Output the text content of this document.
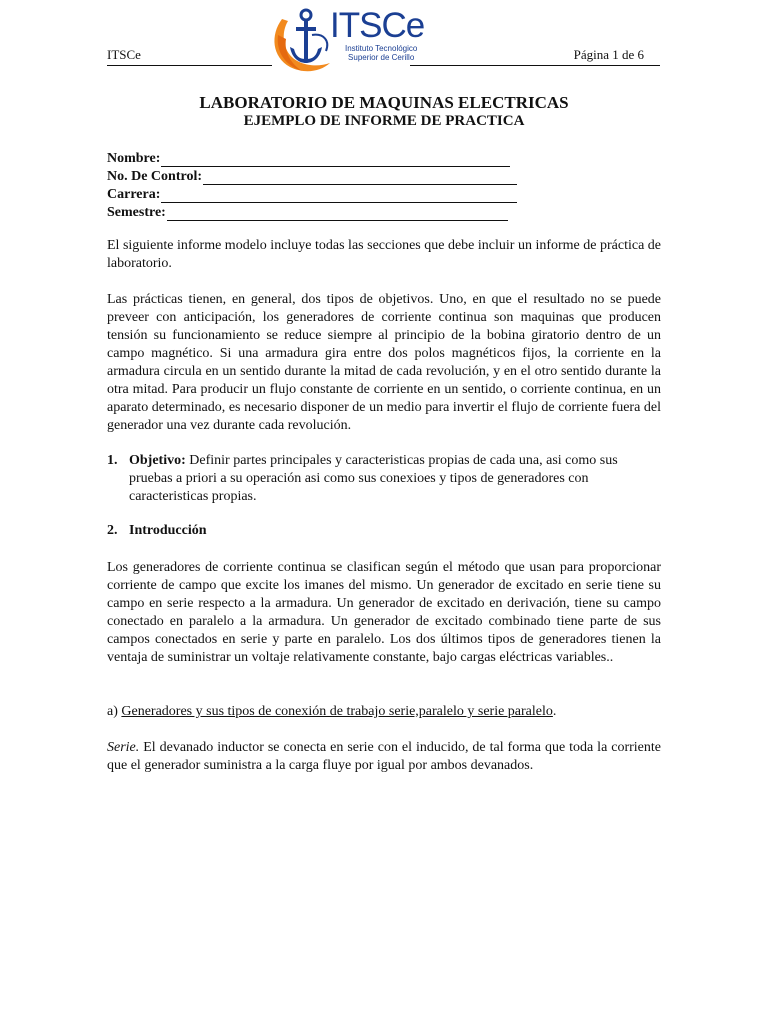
ITSCe	Página 1 de 6
ITSCe
Instituto Tecnológico
Superior de Cerillo
LABORATORIO DE MAQUINAS ELECTRICAS
EJEMPLO DE INFORME DE PRACTICA
Nombre:
No. De Control:
Carrera:
Semestre:

El siguiente informe modelo incluye todas las secciones que debe incluir un informe de práctica de laboratorio.

Las prácticas tienen, en general, dos tipos de objetivos. Uno, en que el resultado no se puede preveer con anticipación, los generadores de corriente continua son maquinas que producen tensión su funcionamiento se reduce siempre al principio de la bobina giratorio dentro de un campo magnético. Si una armadura gira entre dos polos magnéticos fijos, la corriente en la armadura circula en un sentido durante la mitad de cada revolución, y en el otro sentido durante la otra mitad. Para producir un flujo constante de corriente en un sentido, o corriente continua, en un aparato determinado, es necesario disponer de un medio para invertir el flujo de corriente fuera del generador una vez durante cada revolución.

1. Objetivo: Definir partes principales y caracteristicas propias de cada una, asi como sus pruebas a priori a su operación asi como sus conexioes y tipos de generadores con caracteristicas propias.
2. Introducción

Los generadores de corriente continua se clasifican según el método que usan para proporcionar corriente de campo que excite los imanes del mismo. Un generador de excitado en serie tiene su campo en serie respecto a la armadura. Un generador de excitado en derivación, tiene su campo conectado en paralelo a la armadura. Un generador de excitado combinado tiene parte de sus campos conectados en serie y parte en paralelo. Los dos últimos tipos de generadores tienen la ventaja de suministrar un voltaje relativamente constante, bajo cargas eléctricas variables..

a) Generadores y sus tipos de conexión de trabajo serie,paralelo y serie paralelo.

Serie. El devanado inductor se conecta en serie con el inducido, de tal forma que toda la corriente que el generador suministra a la carga fluye por igual por ambos devanados.
